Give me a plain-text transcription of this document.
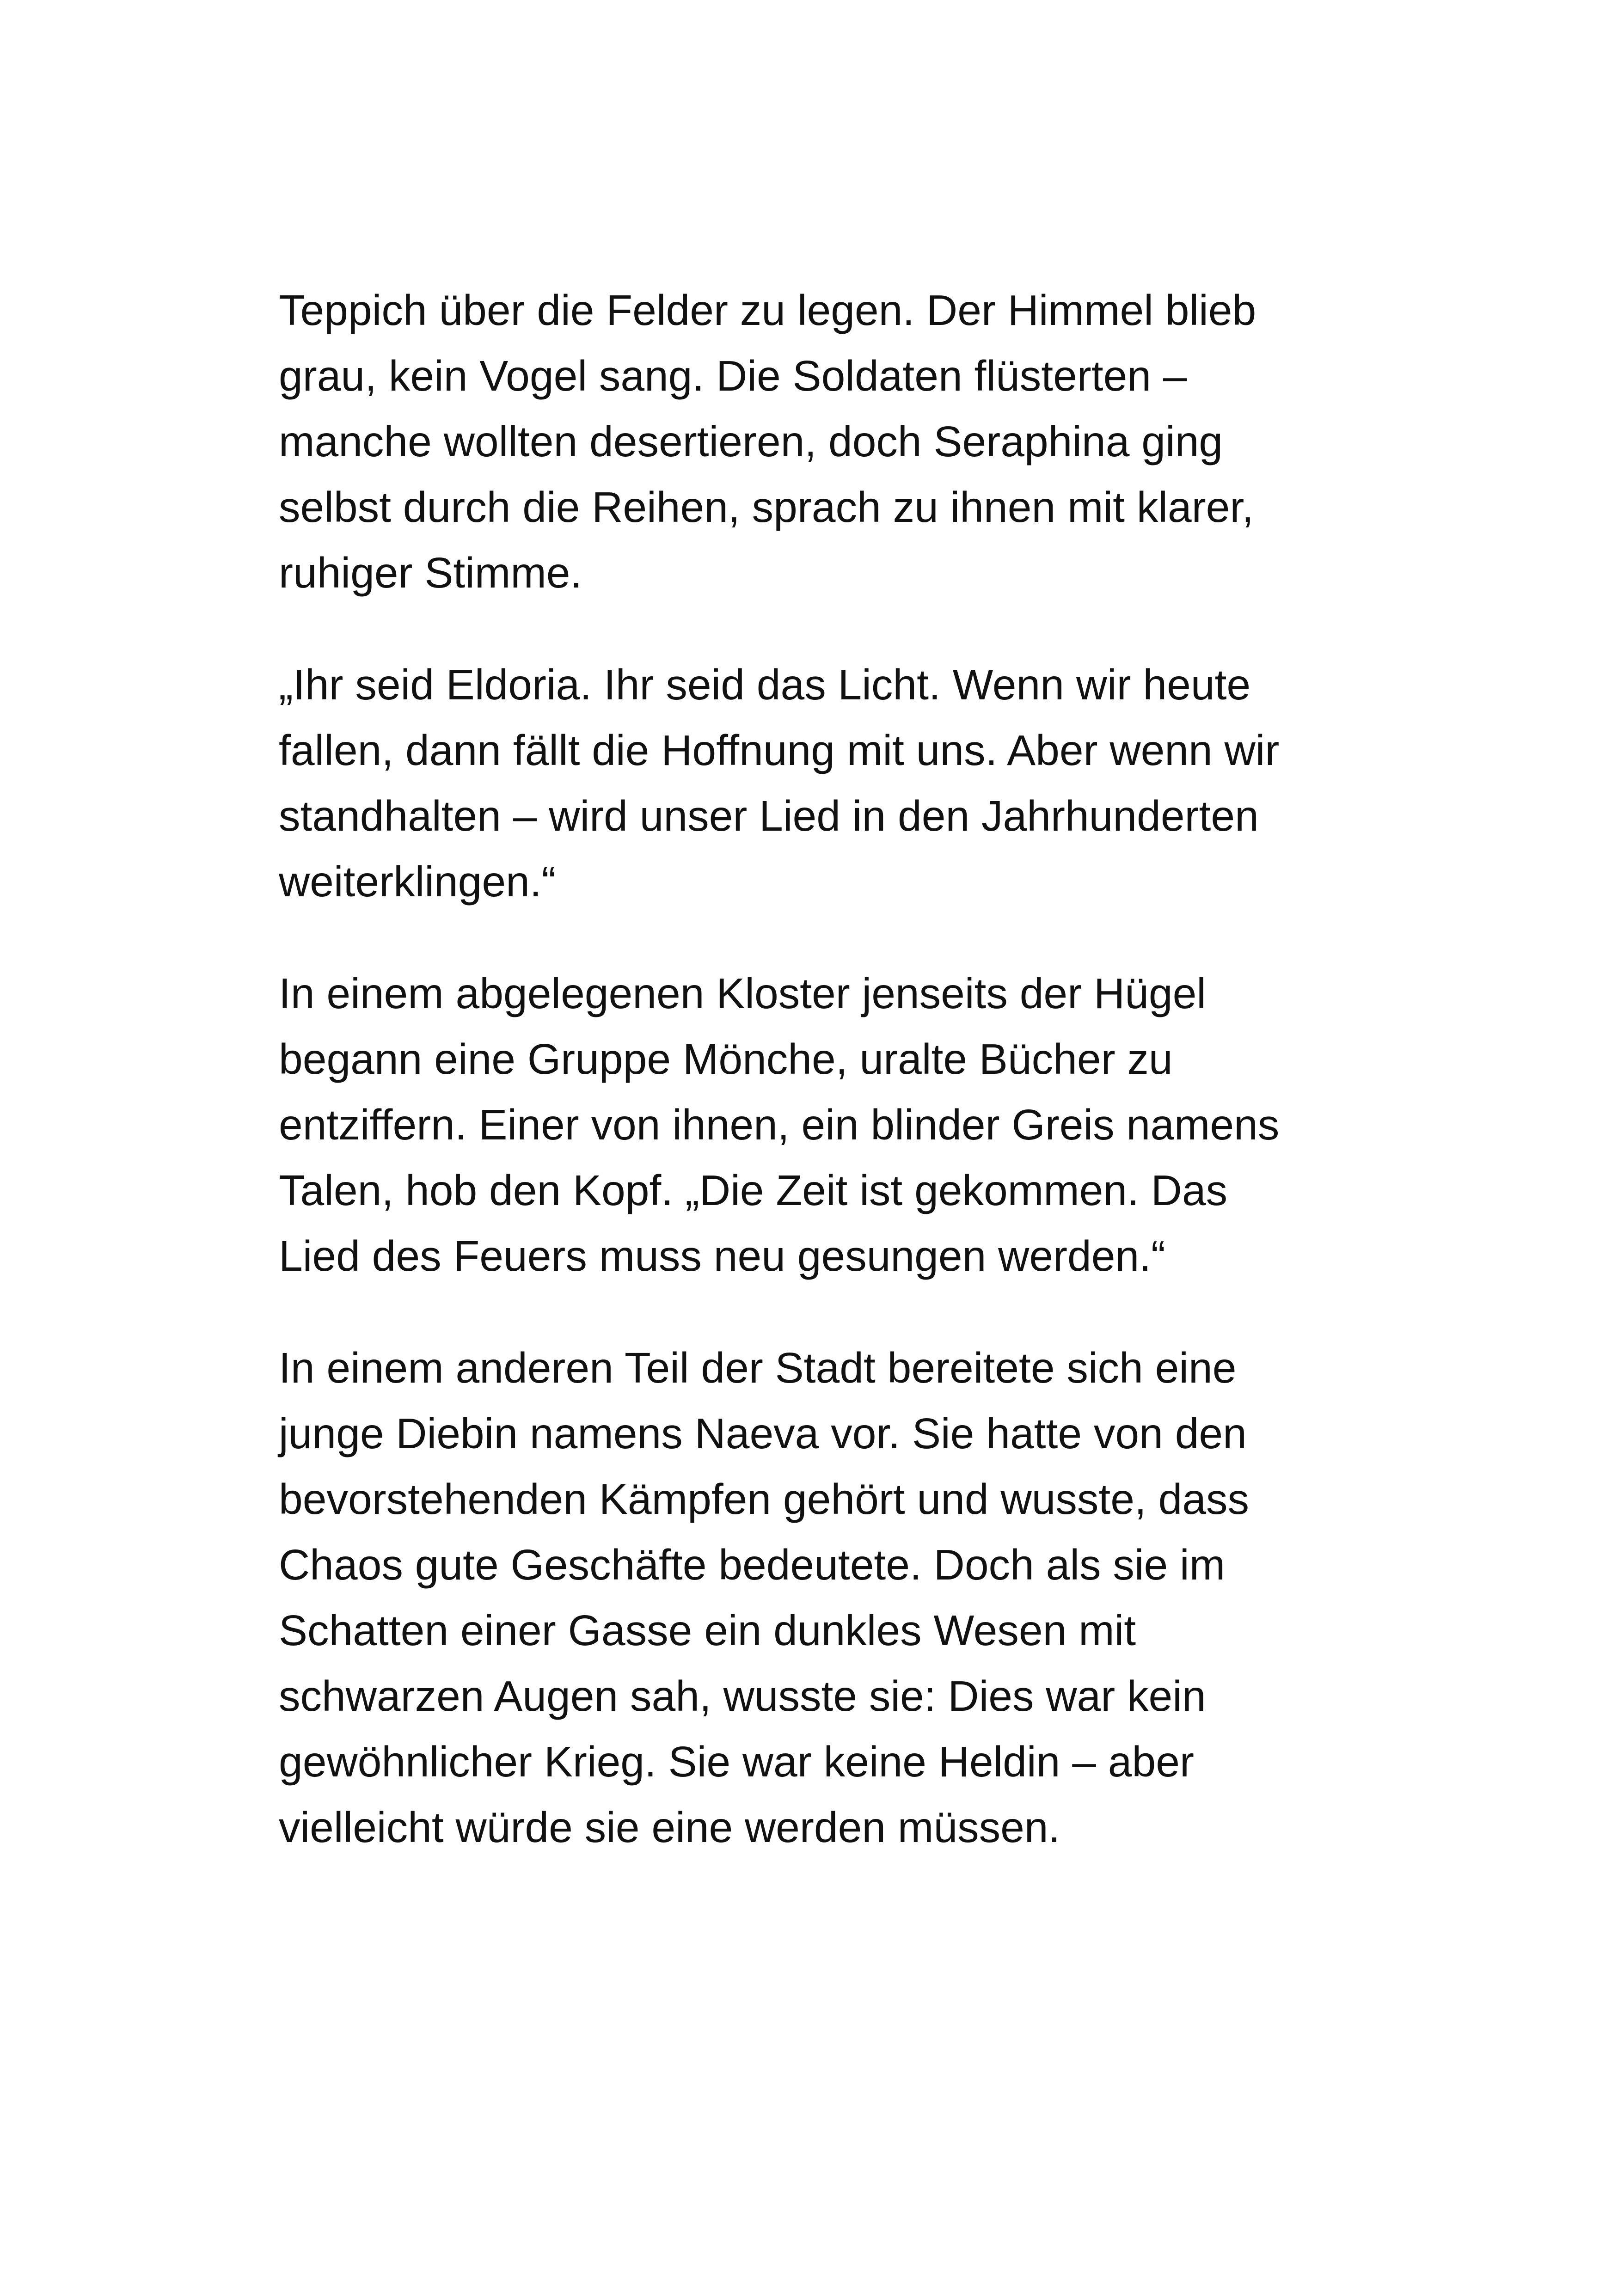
Teppich über die Felder zu legen. Der Himmel blieb
grau, kein Vogel sang. Die Soldaten flüsterten –
manche wollten desertieren, doch Seraphina ging
selbst durch die Reihen, sprach zu ihnen mit klarer,
ruhiger Stimme.

„Ihr seid Eldoria. Ihr seid das Licht. Wenn wir heute
fallen, dann fällt die Hoffnung mit uns. Aber wenn wir
standhalten – wird unser Lied in den Jahrhunderten
weiterklingen.“

In einem abgelegenen Kloster jenseits der Hügel
begann eine Gruppe Mönche, uralte Bücher zu
entziffern. Einer von ihnen, ein blinder Greis namens
Talen, hob den Kopf. „Die Zeit ist gekommen. Das
Lied des Feuers muss neu gesungen werden.“

In einem anderen Teil der Stadt bereitete sich eine
junge Diebin namens Naeva vor. Sie hatte von den
bevorstehenden Kämpfen gehört und wusste, dass
Chaos gute Geschäfte bedeutete. Doch als sie im
Schatten einer Gasse ein dunkles Wesen mit
schwarzen Augen sah, wusste sie: Dies war kein
gewöhnlicher Krieg. Sie war keine Heldin – aber
vielleicht würde sie eine werden müssen.
